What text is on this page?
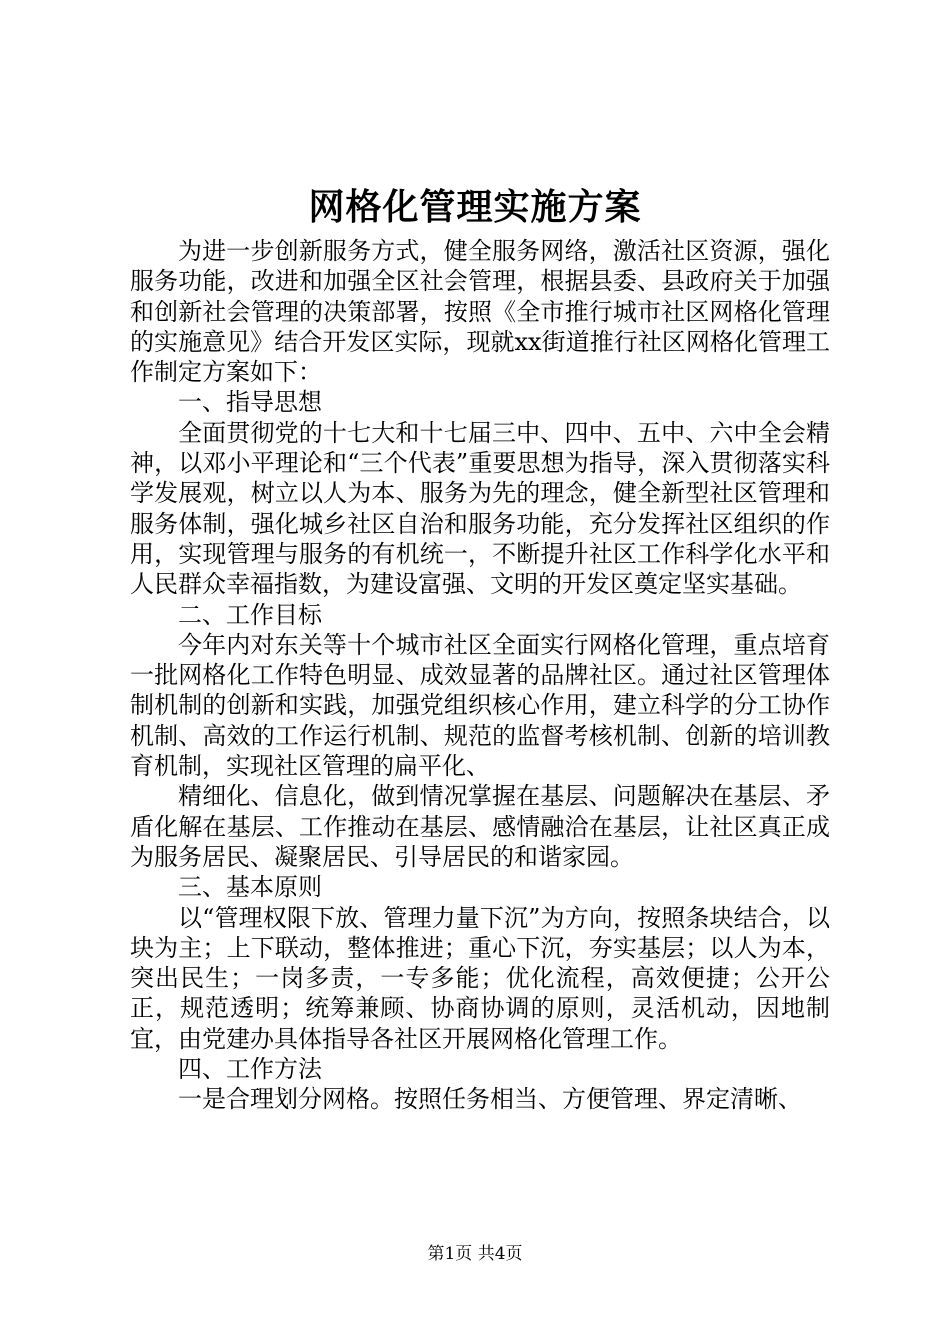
网格化管理实施方案

为进一步创新服务方式，健全服务网络，激活社区资源，强化服务功能，改进和加强全区社会管理，根据县委、县政府关于加强和创新社会管理的决策部署，按照《全市推行城市社区网格化管理的实施意见》结合开发区实际，现就xx街道推行社区网格化管理工作制定方案如下：

一、指导思想

全面贯彻党的十七大和十七届三中、四中、五中、六中全会精神，以邓小平理论和“三个代表”重要思想为指导，深入贯彻落实科学发展观，树立以人为本、服务为先的理念，健全新型社区管理和服务体制，强化城乡社区自治和服务功能，充分发挥社区组织的作用，实现管理与服务的有机统一，不断提升社区工作科学化水平和人民群众幸福指数，为建设富强、文明的开发区奠定坚实基础。

二、工作目标

今年内对东关等十个城市社区全面实行网格化管理，重点培育一批网格化工作特色明显、成效显著的品牌社区。通过社区管理体制机制的创新和实践，加强党组织核心作用，建立科学的分工协作机制、高效的工作运行机制、规范的监督考核机制、创新的培训教育机制，实现社区管理的扁平化、

精细化、信息化，做到情况掌握在基层、问题解决在基层、矛盾化解在基层、工作推动在基层、感情融洽在基层，让社区真正成为服务居民、凝聚居民、引导居民的和谐家园。

三、基本原则

以“管理权限下放、管理力量下沉”为方向，按照条块结合，以块为主；上下联动，整体推进；重心下沉，夯实基层；以人为本，突出民生；一岗多责，一专多能；优化流程，高效便捷；公开公正，规范透明；统筹兼顾、协商协调的原则，灵活机动，因地制宜，由党建办具体指导各社区开展网格化管理工作。

四、工作方法

一是合理划分网格。按照任务相当、方便管理、界定清晰、

第1页 共4页
